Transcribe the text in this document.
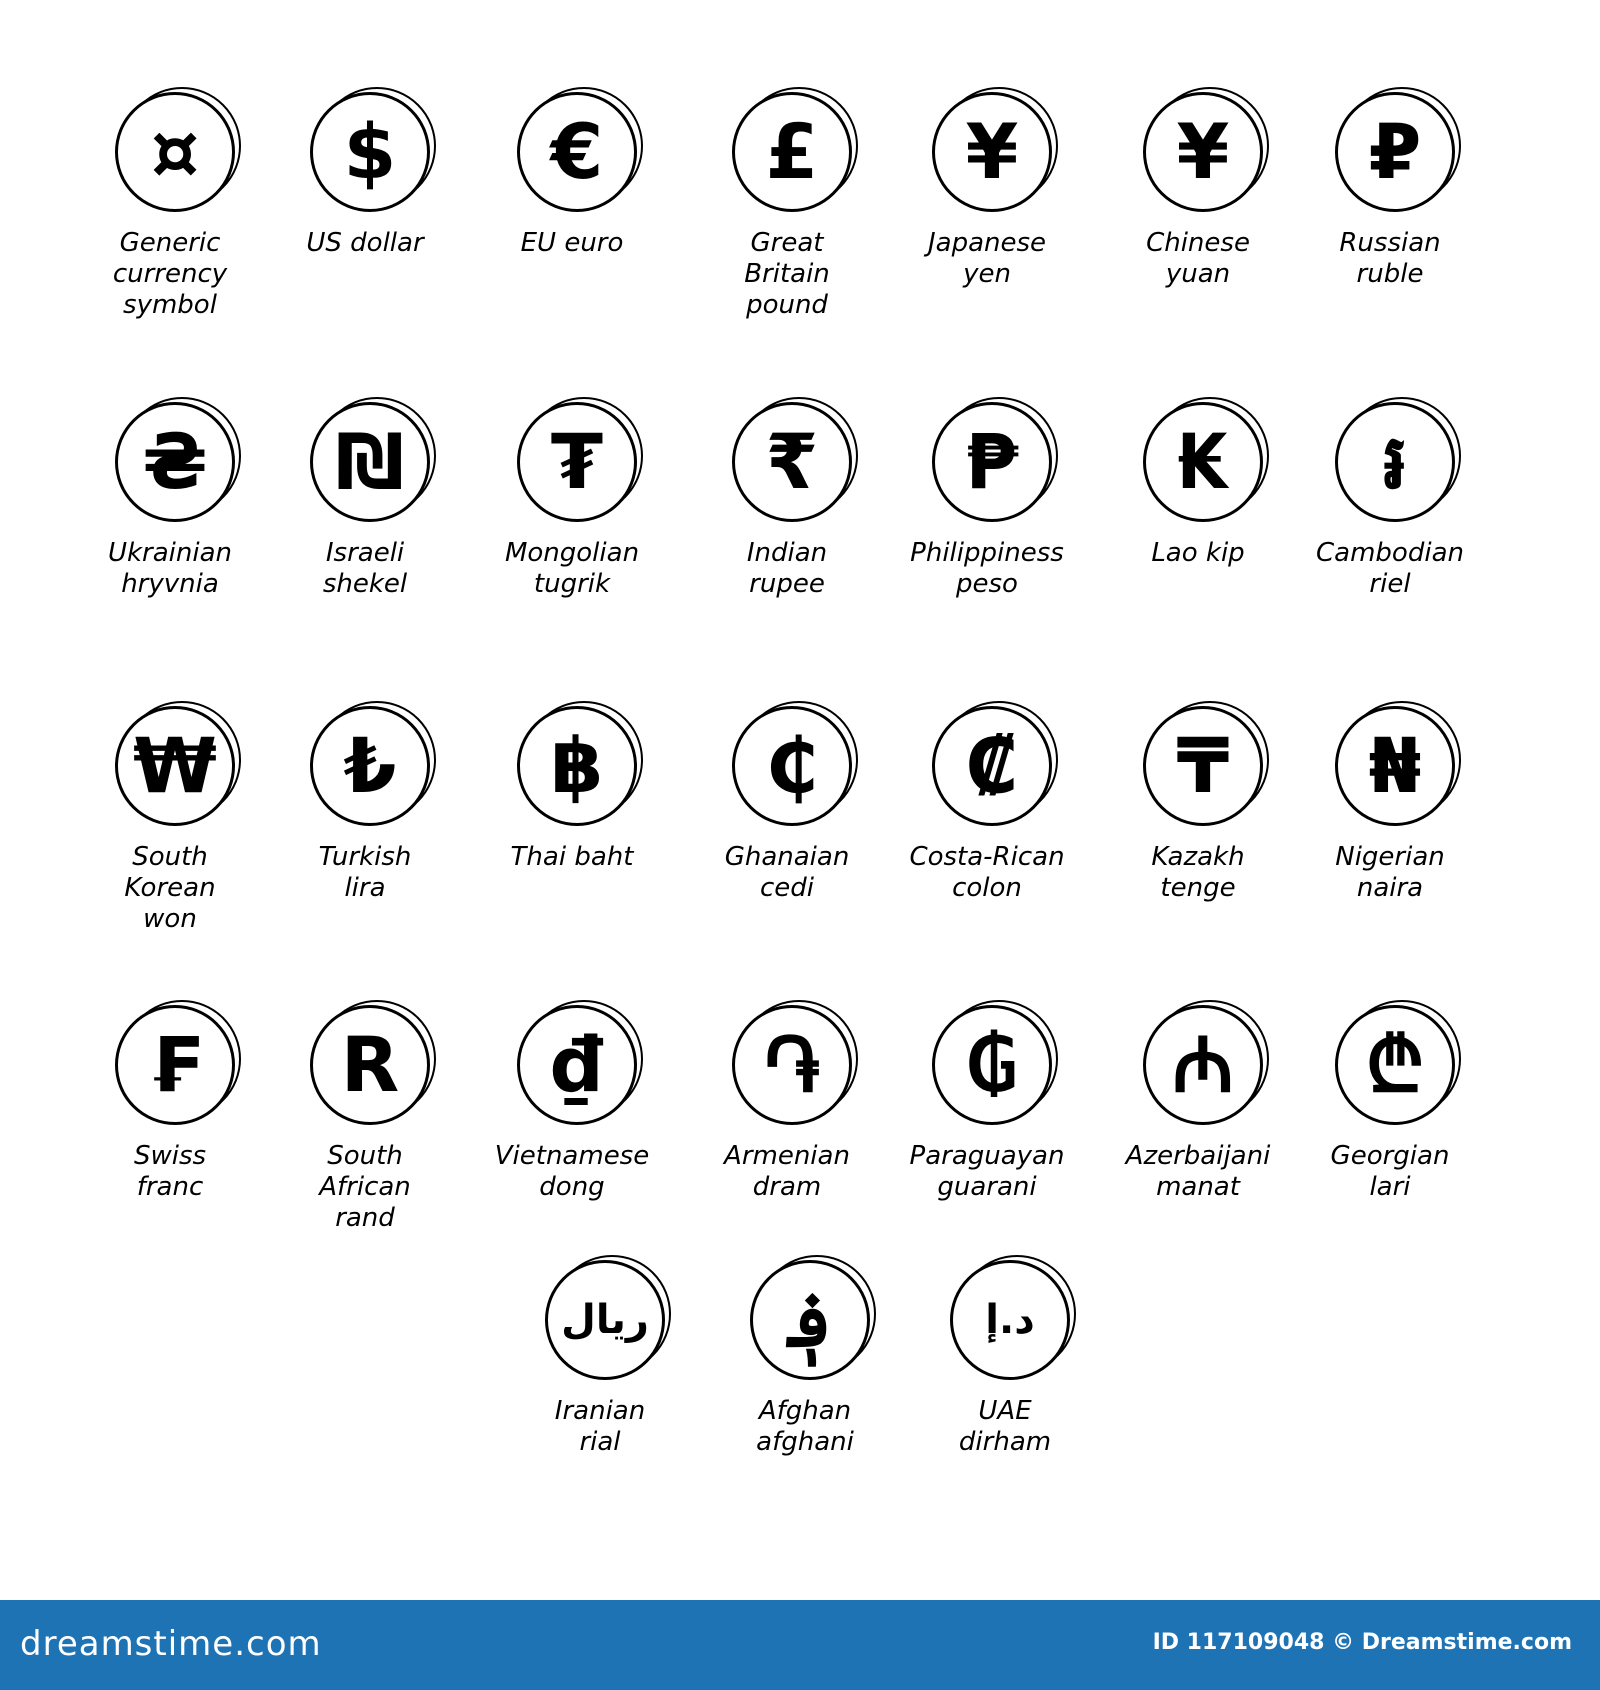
¤
Generic
currency
symbol
$
US dollar
€
EU euro
£
Great
Britain
pound
¥
Japanese
yen
¥
Chinese
yuan
₽
Russian
ruble
₴
Ukrainian
hryvnia
₪
Israeli
shekel
₮
Mongolian
tugrik
₹
Indian
rupee
₱
Philippiness
peso
₭
Lao kip
៛
Cambodian
riel
₩
South
Korean
won
₺
Turkish
lira
฿
Thai baht
₵
Ghanaian
cedi
₡
Costa-Rican
colon
₸
Kazakh
tenge
₦
Nigerian
naira
₣
Swiss
franc
R
South
African
rand
₫
Vietnamese
dong
֏
Armenian
dram
₲
Paraguayan
guarani
₼
Azerbaijani
manat
₾
Georgian
lari
ریال
Iranian
rial
؋
Afghan
afghani
د.إ
UAE
dirham
dreamstime.com	ID 117109048 © Dreamstime.com
